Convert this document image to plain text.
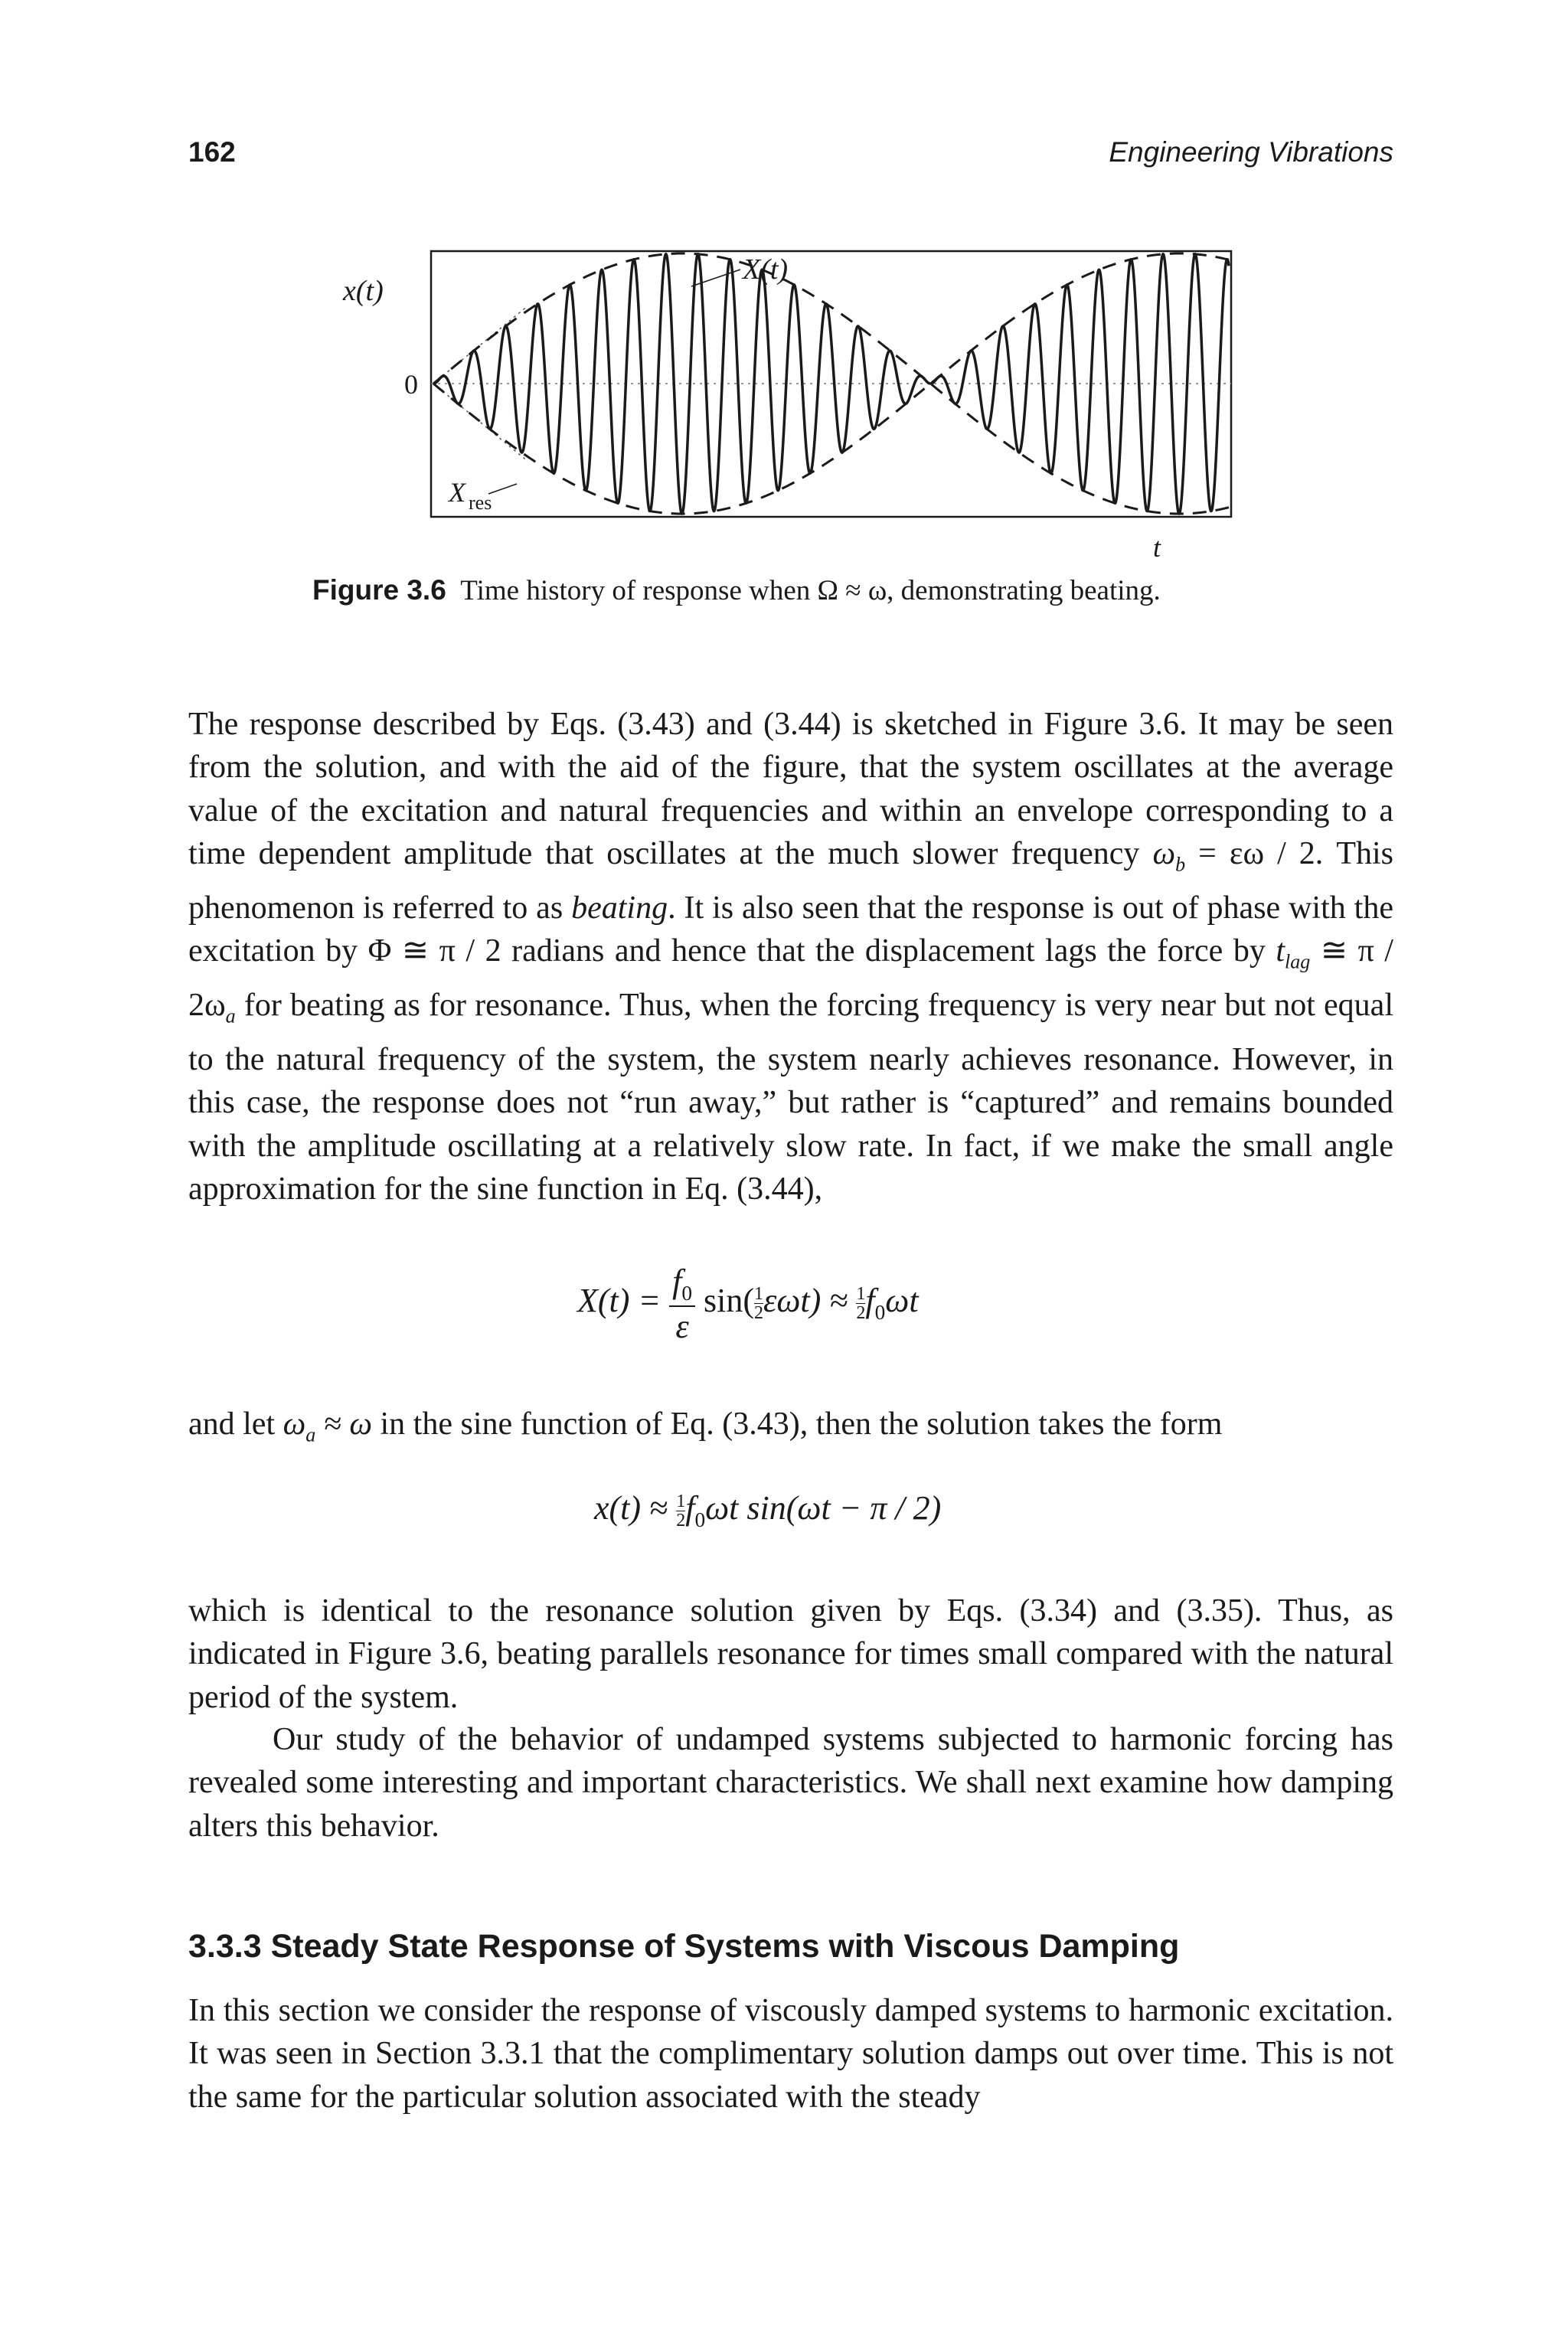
162	Engineering Vibrations
x(t)
0
X(t)
X $_{res}$
t
Figure 3.6 Time history of response when Ω ≈ ω, demonstrating beating.

The response described by Eqs. (3.43) and (3.44) is sketched in Figure 3.6. It may be seen from the solution, and with the aid of the figure, that the system oscillates at the average value of the excitation and natural frequencies and within an envelope corresponding to a time dependent amplitude that oscillates at the much slower frequency $\omega_b = \varepsilon\omega / 2$. This phenomenon is referred to as beating. It is also seen that the response is out of phase with the excitation by Φ ≅ π / 2 radians and hence that the displacement lags the force by $t_{lag}$ ≅ π / $2\omega_a$ for beating as for resonance. Thus, when the forcing frequency is very near but not equal to the natural frequency of the system, the system nearly achieves resonance. However, in this case, the response does not “run away,” but rather is “captured” and remains bounded with the amplitude oscillating at a relatively slow rate. In fact, if we make the small angle approximation for the sine function in Eq. (3.44),

$X(t) = \frac{f_0}{\varepsilon} \sin( \frac{1}{2} \varepsilon\omega t) \approx \frac{1}{2} f_0\omega t$

and let $\omega_a \approx \omega$ in the sine function of Eq. (3.43), then the solution takes the form

$x(t) \approx \frac{1}{2} f_0\omega t$ sin(ωt − π / 2)

which is identical to the resonance solution given by Eqs. (3.34) and (3.35). Thus, as indicated in Figure 3.6, beating parallels resonance for times small compared with the natural period of the system.

Our study of the behavior of undamped systems subjected to harmonic forcing has revealed some interesting and important characteristics. We shall next examine how damping alters this behavior.

3.3.3 Steady State Response of Systems with Viscous Damping

In this section we consider the response of viscously damped systems to harmonic excitation. It was seen in Section 3.3.1 that the complimentary solution damps out over time. This is not the same for the particular solution associated with the steady
